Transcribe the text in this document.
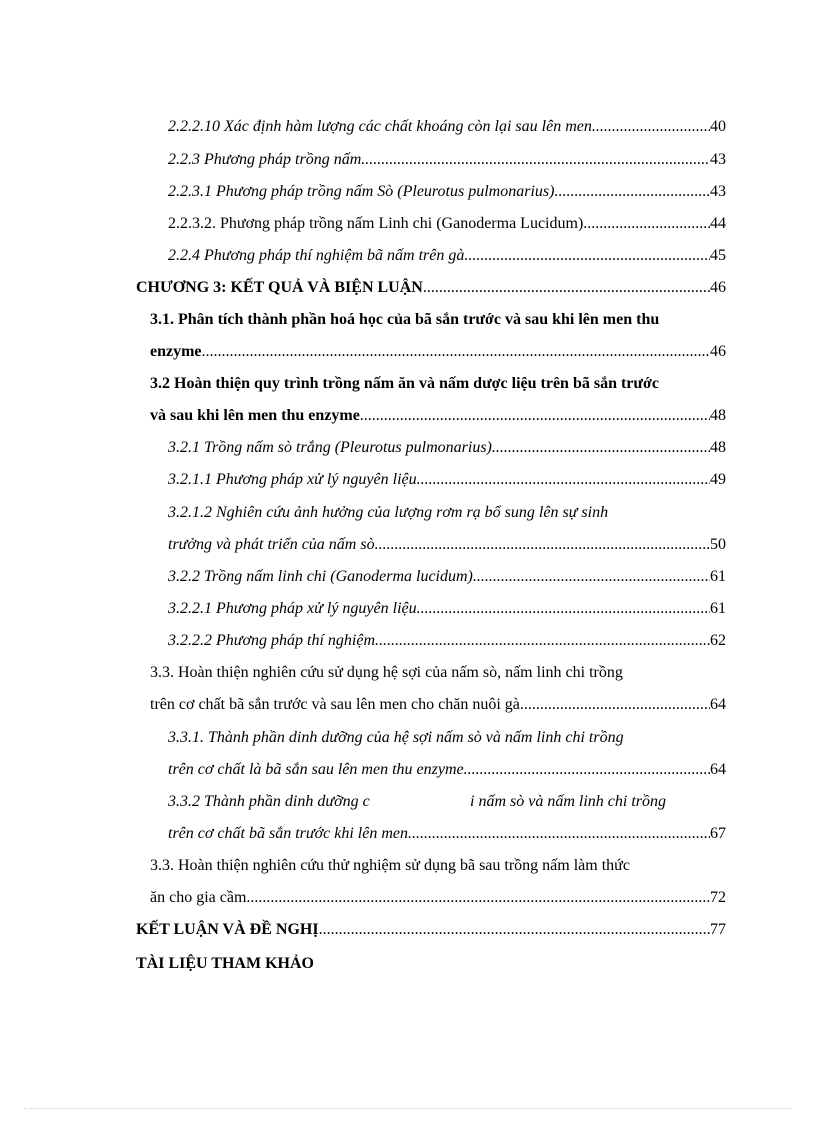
2.2.2.10 Xác định hàm lượng các chất khoáng còn lại sau lên men .....	40
2.2.3 Phương pháp trồng nấm .....	43
2.2.3.1 Phương pháp trồng nấm Sò (Pleurotus pulmonarius) .....	43
2.2.3.2. Phương pháp trồng nấm Linh chi (Ganoderma Lucidum). .....	44
2.2.4 Phương pháp thí nghiệm bã nấm trên gà .....	45
CHƯƠNG 3: KẾT QUẢ VÀ BIỆN LUẬN .....	46
3.1. Phân tích thành phần hoá học của bã sắn trước và sau khi lên men thu
enzyme .....	46
3.2 Hoàn thiện quy trình trồng nấm ăn và nấm dược liệu trên bã sắn trước
và sau khi lên men thu enzyme .....	48
3.2.1 Trồng nấm sò trắng (Pleurotus pulmonarius) .....	48
3.2.1.1 Phương pháp xử lý nguyên liệu .....	49
3.2.1.2 Nghiên cứu ảnh hưởng của lượng rơm rạ bổ sung lên sự sinh
trưởng và phát triển của nấm sò .....	50
3.2.2 Trồng nấm linh chi (Ganoderma lucidum) .....	61
3.2.2.1 Phương pháp xử lý nguyên liệu .....	61
3.2.2.2 Phương pháp thí nghiệm .....	62
3.3. Hoàn thiện nghiên cứu sử dụng hệ sợi của nấm sò, nấm linh chi trồng
trên cơ chất bã sắn trước và sau lên men cho chăn nuôi gà .....	64
3.3.1. Thành phần dinh dưỡng của hệ sợi nấm sò và nấm linh chi trồng
trên cơ chất là bã sắn sau lên men thu enzyme .....	64
3.3.2 Thành phần dinh dưỡng c	i nấm sò và nấm linh chi trồng
trên cơ chất bã sắn trước khi lên men .....	67
3.3. Hoàn thiện nghiên cứu thử nghiệm sử dụng bã sau trồng nấm làm thức
ăn cho gia cầm .....	72
KẾT LUẬN VÀ ĐỀ NGHỊ .....	77
TÀI LIỆU THAM KHẢO
